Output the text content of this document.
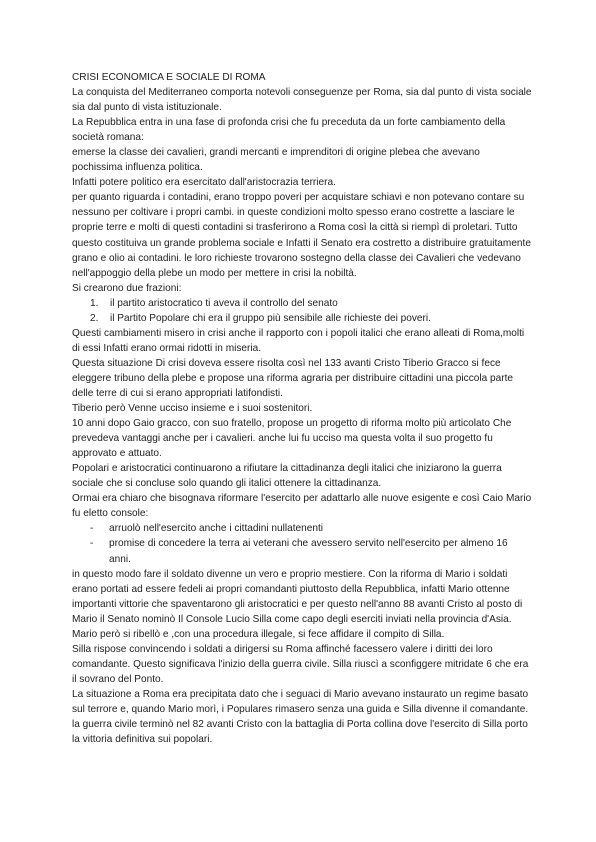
CRISI ECONOMICA E SOCIALE DI ROMA

La conquista del Mediterraneo comporta notevoli conseguenze per Roma, sia dal punto di vista sociale sia dal punto di vista istituzionale.

La Repubblica entra in una fase di profonda crisi che fu preceduta da un forte cambiamento della società romana:

emerse la classe dei cavalieri, grandi mercanti e imprenditori di origine plebea che avevano pochissima influenza politica.

Infatti potere politico era esercitato dall'aristocrazia terriera.

per quanto riguarda i contadini, erano troppo poveri per acquistare schiavi e non potevano contare su nessuno per coltivare i propri cambi. in queste condizioni molto spesso erano costrette a lasciare le proprie terre e molti di questi contadini si trasferirono a Roma così la città si riempì di proletari. Tutto questo costituiva un grande problema sociale e Infatti il Senato era costretto a distribuire gratuitamente grano e olio ai contadini. le loro richieste trovarono sostegno della classe dei Cavalieri che vedevano nell'appoggio della plebe un modo per mettere in crisi la nobiltà.

Si crearono due frazioni:

1. il partito aristocratico ti aveva il controllo del senato
2. il Partito Popolare chi era il gruppo più sensibile alle richieste dei poveri.

Questi cambiamenti misero in crisi anche il rapporto con i popoli italici che erano alleati di Roma,molti di essi Infatti erano ormai ridotti in miseria.

Questa situazione Di crisi doveva essere risolta così nel 133 avanti Cristo Tiberio Gracco si fece eleggere tribuno della plebe e propose una riforma agraria per distribuire cittadini una piccola parte delle terre di cui si erano appropriati latifondisti.

Tiberio però Venne ucciso insieme e i suoi sostenitori.

10 anni dopo Gaio gracco, con suo fratello, propose un progetto di riforma molto più articolato Che prevedeva vantaggi anche per i cavalieri. anche lui fu ucciso ma questa volta il suo progetto fu approvato e attuato.

Popolari e aristocratici continuarono a rifiutare la cittadinanza degli italici che iniziarono la guerra sociale che si concluse solo quando gli italici ottenere la cittadinanza.

Ormai era chiaro che bisognava riformare l'esercito per adattarlo alle nuove esigente e così Caio Mario fu eletto console:

- arruolò nell'esercito anche i cittadini nullatenenti
- promise di concedere la terra ai veterani che avessero servito nell'esercito per almeno 16 anni.

in questo modo fare il soldato divenne un vero e proprio mestiere. Con la riforma di Mario i soldati erano portati ad essere fedeli ai propri comandanti piuttosto della Repubblica, infatti Mario ottenne importanti vittorie che spaventarono gli aristocratici e per questo nell'anno 88 avanti Cristo al posto di Mario il Senato nominò Il Console Lucio Silla come capo degli eserciti inviati nella provincia d'Asia.

Mario però si ribellò e ,con una procedura illegale, si fece affidare il compito di Silla.

Silla rispose convincendo i soldati a dirigersi su Roma affinché facessero valere i diritti dei loro comandante. Questo significava l'inizio della guerra civile. Silla riuscì a sconfiggere mitridate 6 che era il sovrano del Ponto.

La situazione a Roma era precipitata dato che i seguaci di Mario avevano instaurato un regime basato sul terrore e, quando Mario morì, i Populares rimasero senza una guida e Silla divenne il comandante.

la guerra civile terminò nel 82 avanti Cristo con la battaglia di Porta collina dove l'esercito di Silla porto la vittoria definitiva sui popolari.
